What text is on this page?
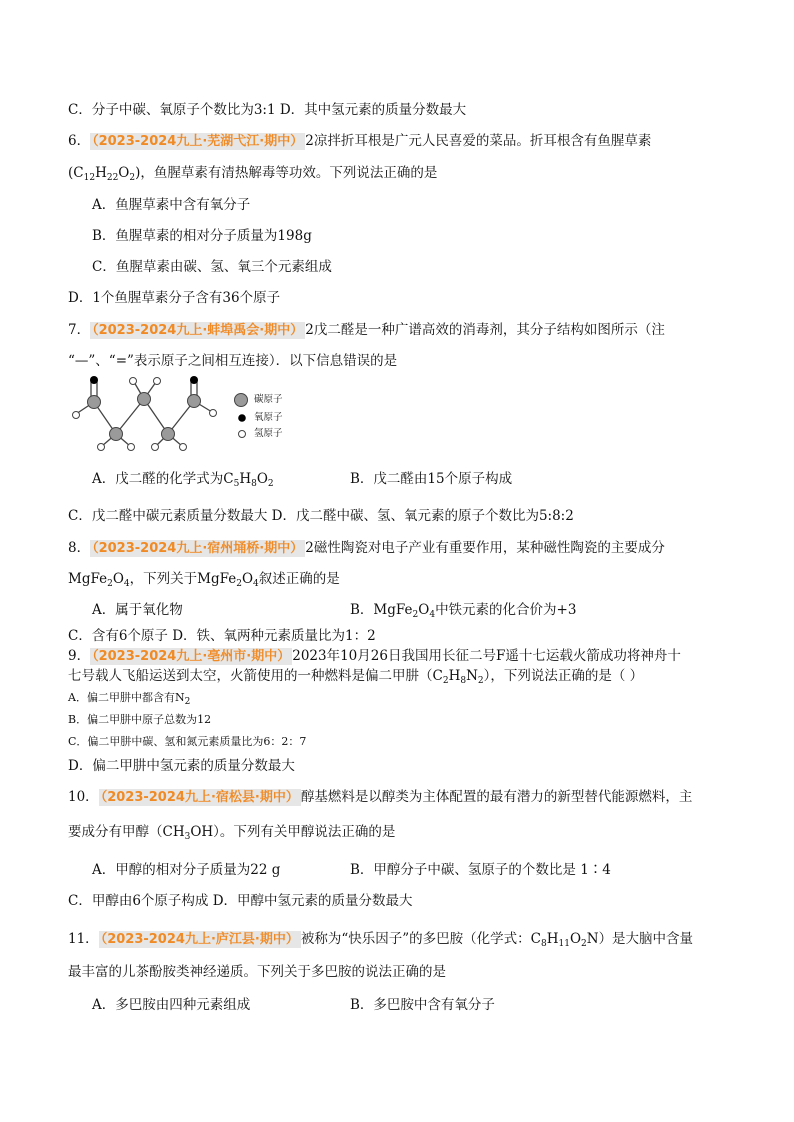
C．分子中碳、氧原子个数比为3:1 D．其中氢元素的质量分数最大
6． （2023-2024九上·芜湖弋江·期中） 2凉拌折耳根是广元人民喜爱的菜品。折耳根含有鱼腥草素
$(C_{12}H_{22}O_2)$，鱼腥草素有清热解毒等功效。下列说法正确的是
A．鱼腥草素中含有氧分子
B．鱼腥草素的相对分子质量为198g
C．鱼腥草素由碳、氢、氧三个元素组成
D．1个鱼腥草素分子含有36个原子
7． （2023-2024九上·蚌埠禹会·期中） 2戊二醛是一种广谱高效的消毒剂，其分子结构如图所示（注
“—”、“=”表示原子之间相互连接）．以下信息错误的是
碳原子
氧原子
氢原子
A．戊二醛的化学式为$C_5H_8O_2$	B．戊二醛由15个原子构成
C．戊二醛中碳元素质量分数最大 D．戊二醛中碳、氢、氧元素的原子个数比为5:8:2
8． （2023-2024九上·宿州埇桥·期中） 2磁性陶瓷对电子产业有重要作用，某种磁性陶瓷的主要成分
$MgFe_2O_4$，下列关于$MgFe_2O_4$叙述正确的是
A．属于氧化物	B．$MgFe_2O_4$中铁元素的化合价为+3
C．含有6个原子 D．铁、氧两种元素质量比为1：2
9． （2023-2024九上·亳州市·期中） 2023年10月26日我国用长征二号F遥十七运载火箭成功将神舟十
七号载人飞船运送到太空，火箭使用的一种燃料是偏二甲肼$(C_2H_8N_2)$，下列说法正确的是（ ）
A．偏二甲肼中都含有$N_2$
B．偏二甲肼中原子总数为12
C．偏二甲肼中碳、氢和氮元素质量比为6：2：7
D．偏二甲肼中氢元素的质量分数最大
10． （2023-2024九上·宿松县·期中） 醇基燃料是以醇类为主体配置的最有潜力的新型替代能源燃料，主
要成分有甲醇$(CH_3OH)$。下列有关甲醇说法正确的是
A．甲醇的相对分子质量为22 g	B．甲醇分子中碳、氢原子的个数比是 1∶4
C．甲醇由6个原子构成 D．甲醇中氢元素的质量分数最大
11． （2023-2024九上·庐江县·期中） 被称为“快乐因子”的多巴胺（化学式：$C_8H_{11}O_2N$）是大脑中含量
最丰富的儿茶酚胺类神经递质。下列关于多巴胺的说法正确的是
A．多巴胺由四种元素组成	B．多巴胺中含有氧分子
